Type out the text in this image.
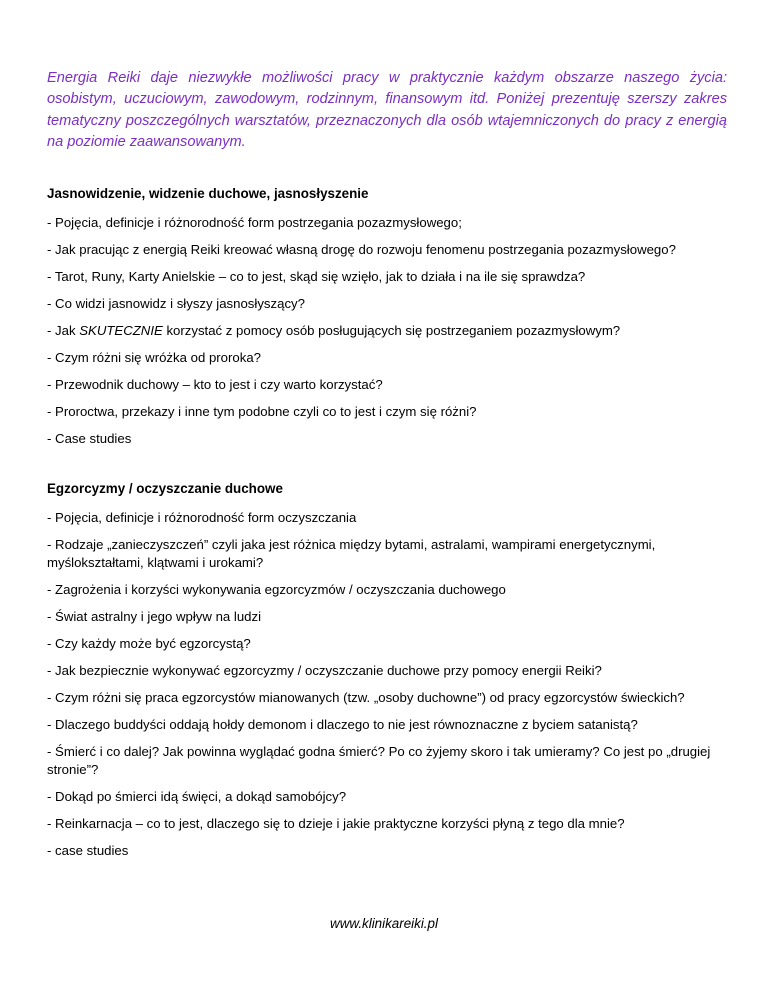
Energia Reiki daje niezwykłe możliwości pracy w praktycznie każdym obszarze naszego życia: osobistym, uczuciowym, zawodowym, rodzinnym, finansowym itd. Poniżej prezentuję szerszy zakres tematyczny poszczególnych warsztatów, przeznaczonych dla osób wtajemniczonych do pracy z energią na poziomie zaawansowanym.

Jasnowidzenie, widzenie duchowe, jasnosłyszenie

- Pojęcia, definicje i różnorodność form postrzegania pozazmysłowego;

- Jak pracując z energią Reiki kreować własną drogę do rozwoju fenomenu postrzegania pozazmysłowego?

- Tarot, Runy, Karty Anielskie – co to jest, skąd się wzięło, jak to działa i na ile się sprawdza?

- Co widzi jasnowidz i słyszy jasnosłyszący?

- Jak SKUTECZNIE korzystać z pomocy osób posługujących się postrzeganiem pozazmysłowym?

- Czym różni się wróżka od proroka?

- Przewodnik duchowy – kto to jest i czy warto korzystać?

- Proroctwa, przekazy i inne tym podobne czyli co to jest i czym się różni?

- Case studies

Egzorcyzmy / oczyszczanie duchowe

- Pojęcia, definicje i różnorodność form oczyszczania

- Rodzaje „zanieczyszczeń” czyli jaka jest różnica między bytami, astralami, wampirami energetycznymi, myślokształtami, klątwami i urokami?

- Zagrożenia i korzyści wykonywania egzorcyzmów / oczyszczania duchowego

- Świat astralny i jego wpływ na ludzi

- Czy każdy może być egzorcystą?

- Jak bezpiecznie wykonywać egzorcyzmy / oczyszczanie duchowe przy pomocy energii Reiki?

- Czym różni się praca egzorcystów mianowanych (tzw. „osoby duchowne”) od pracy egzorcystów świeckich?

- Dlaczego buddyści oddają hołdy demonom i dlaczego to nie jest równoznaczne z byciem satanistą?

- Śmierć i co dalej? Jak powinna wyglądać godna śmierć? Po co żyjemy skoro i tak umieramy? Co jest po „drugiej stronie”?

- Dokąd po śmierci idą święci, a dokąd samobójcy?

- Reinkarnacja – co to jest, dlaczego się to dzieje i jakie praktyczne korzyści płyną z tego dla mnie?

- case studies

www.klinikareiki.pl
